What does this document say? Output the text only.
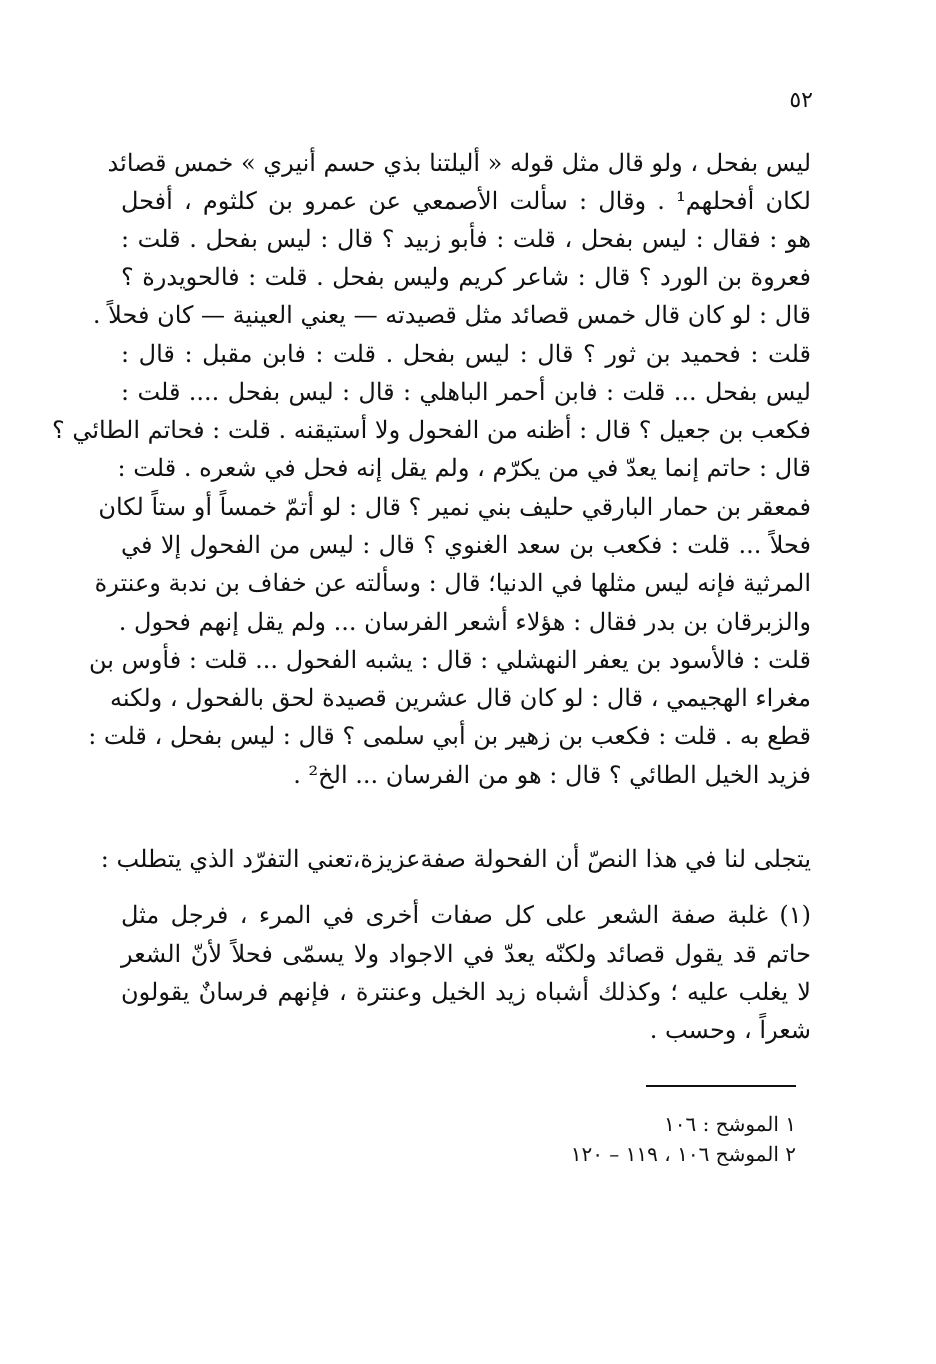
٥٢
ليس بفحل ، ولو قال مثل قوله « أليلتنا بذي حسم أنيري » خمس قصائد
لكان أفحلهم¹ . وقال : سألت الأصمعي عن عمرو بن كلثوم ، أفحل
هو : فقال : ليس بفحل ، قلت : فأبو زبيد ؟ قال : ليس بفحل . قلت :
فعروة بن الورد ؟ قال : شاعر كريم وليس بفحل . قلت : فالحويدرة ؟
قال : لو كان قال خمس قصائد مثل قصيدته — يعني العينية — كان فحلاً .
قلت : فحميد بن ثور ؟ قال : ليس بفحل . قلت : فابن مقبل : قال :
ليس بفحل ... قلت : فابن أحمر الباهلي : قال : ليس بفحل .... قلت :
فكعب بن جعيل ؟ قال : أظنه من الفحول ولا أستيقنه . قلت : فحاتم الطائي ؟
قال : حاتم إنما يعدّ في من يكرّم ، ولم يقل إنه فحل في شعره . قلت :
فمعقر بن حمار البارقي حليف بني نمير ؟ قال : لو أتمّ خمساً أو ستاً لكان
فحلاً ... قلت : فكعب بن سعد الغنوي ؟ قال : ليس من الفحول إلا في
المرثية فإنه ليس مثلها في الدنيا؛ قال : وسألته عن خفاف بن ندبة وعنترة
والزبرقان بن بدر فقال : هؤلاء أشعر الفرسان ... ولم يقل إنهم فحول .
قلت : فالأسود بن يعفر النهشلي : قال : يشبه الفحول ... قلت : فأوس بن
مغراء الهجيمي ، قال : لو كان قال عشرين قصيدة لحق بالفحول ، ولكنه
قطع به . قلت : فكعب بن زهير بن أبي سلمى ؟ قال : ليس بفحل ، قلت :
فزيد الخيل الطائي ؟ قال : هو من الفرسان ... الخ² .
يتجلى لنا في هذا النصّ أن الفحولة صفةعزيزة،تعني التفرّد الذي يتطلب :
(١) غلبة صفة الشعر على كل صفات أخرى في المرء ، فرجل مثل
حاتم قد يقول قصائد ولكنّه يعدّ في الاجواد ولا يسمّى فحلاً لأنّ الشعر
لا يغلب عليه ؛ وكذلك أشباه زيد الخيل وعنترة ، فإنهم فرسانٌ يقولون
شعراً ، وحسب .
١ الموشح : ١٠٦
٢ الموشح ١٠٦ ، ١١٩ – ١٢٠
